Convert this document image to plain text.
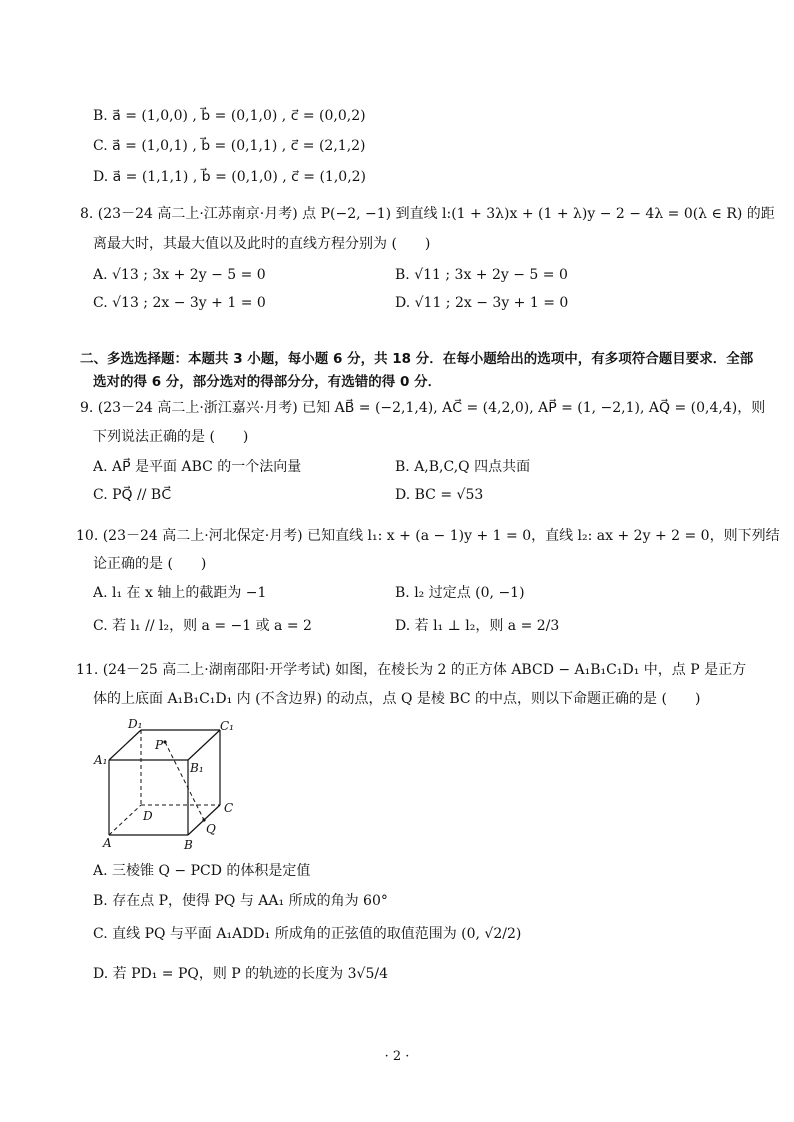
B. a⃗ = (1,0,0) , b⃗ = (0,1,0) , c⃗ = (0,0,2)
C. a⃗ = (1,0,1) , b⃗ = (0,1,1) , c⃗ = (2,1,2)
D. a⃗ = (1,1,1) , b⃗ = (0,1,0) , c⃗ = (1,0,2)
8. (23－24 高二上·江苏南京·月考) 点 P(−2, −1) 到直线 l:(1 + 3λ)x + (1 + λ)y − 2 − 4λ = 0(λ ∈ R) 的距
离最大时，其最大值以及此时的直线方程分别为 (　　)
A. √13 ; 3x + 2y − 5 = 0	B. √11 ; 3x + 2y − 5 = 0
C. √13 ; 2x − 3y + 1 = 0	D. √11 ; 2x − 3y + 1 = 0
二、多选选择题：本题共 3 小题，每小题 6 分，共 18 分．在每小题给出的选项中，有多项符合题目要求．全部
选对的得 6 分，部分选对的得部分分，有选错的得 0 分．
9. (23－24 高二上·浙江嘉兴·月考) 已知 AB⃗ = (−2,1,4), AC⃗ = (4,2,0), AP⃗ = (1, −2,1), AQ⃗ = (0,4,4)，则
下列说法正确的是 (　　)
A. AP⃗ 是平面 ABC 的一个法向量	B. A,B,C,Q 四点共面
C. PQ⃗ // BC⃗	D. BC = √53
10. (23－24 高二上·河北保定·月考) 已知直线 l₁: x + (a − 1)y + 1 = 0，直线 l₂: ax + 2y + 2 = 0，则下列结
论正确的是 (　　)
A. l₁ 在 x 轴上的截距为 −1	B. l₂ 过定点 (0, −1)
C. 若 l₁ // l₂，则 a = −1 或 a = 2	D. 若 l₁ ⊥ l₂，则 a = 2/3
11. (24－25 高二上·湖南邵阳·开学考试) 如图，在棱长为 2 的正方体 ABCD − A₁B₁C₁D₁ 中，点 P 是正方
体的上底面 A₁B₁C₁D₁ 内 (不含边界) 的动点，点 Q 是棱 BC 的中点，则以下命题正确的是 (　　)
D₁	C₁
A₁
B₁
P
D
C
A	B
Q
A. 三棱锥 Q − PCD 的体积是定值
B. 存在点 P，使得 PQ 与 AA₁ 所成的角为 60°
C. 直线 PQ 与平面 A₁ADD₁ 所成角的正弦值的取值范围为 (0, √2/2)
D. 若 PD₁ = PQ，则 P 的轨迹的长度为 3√5/4
· 2 ·
